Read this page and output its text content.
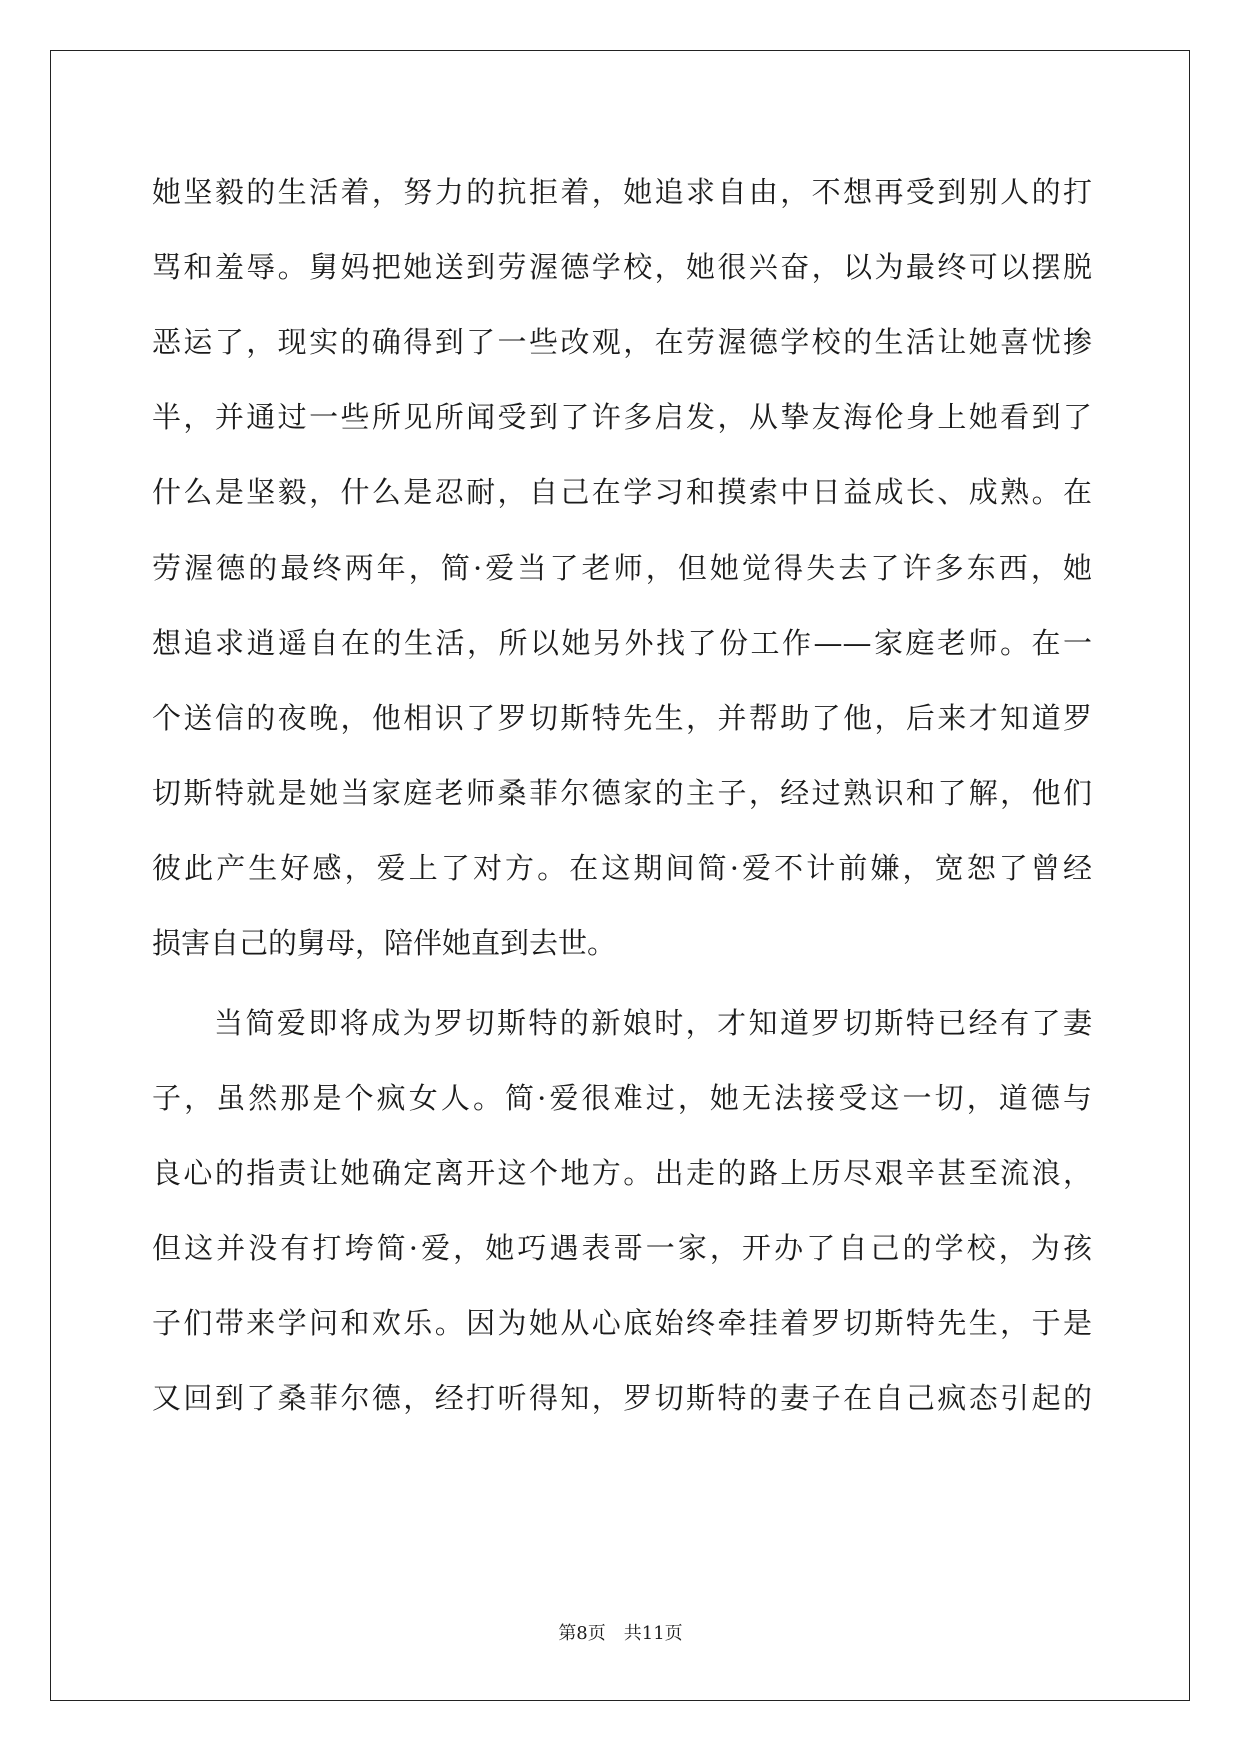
她坚毅的生活着，努力的抗拒着，她追求自由，不想再受到别人的打
骂和羞辱。舅妈把她送到劳渥德学校，她很兴奋，以为最终可以摆脱
恶运了，现实的确得到了一些改观，在劳渥德学校的生活让她喜忧掺
半，并通过一些所见所闻受到了许多启发，从挚友海伦身上她看到了
什么是坚毅，什么是忍耐，自己在学习和摸索中日益成长、成熟。在
劳渥德的最终两年，简·爱当了老师，但她觉得失去了许多东西，她
想追求逍遥自在的生活，所以她另外找了份工作——家庭老师。在一
个送信的夜晚，他相识了罗切斯特先生，并帮助了他，后来才知道罗
切斯特就是她当家庭老师桑菲尔德家的主子，经过熟识和了解，他们
彼此产生好感，爱上了对方。在这期间简·爱不计前嫌，宽恕了曾经
损害自己的舅母，陪伴她直到去世。
当简爱即将成为罗切斯特的新娘时，才知道罗切斯特已经有了妻
子，虽然那是个疯女人。简·爱很难过，她无法接受这一切，道德与
良心的指责让她确定离开这个地方。出走的路上历尽艰辛甚至流浪，
但这并没有打垮简·爱，她巧遇表哥一家，开办了自己的学校，为孩
子们带来学问和欢乐。因为她从心底始终牵挂着罗切斯特先生，于是
又回到了桑菲尔德，经打听得知，罗切斯特的妻子在自己疯态引起的
第8页　共11页
